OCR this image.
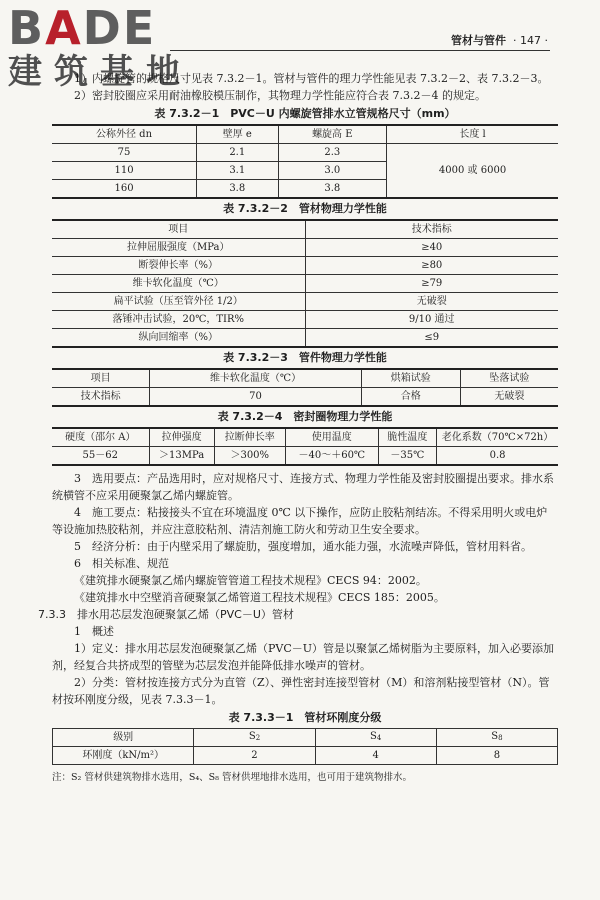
BADE
建筑基地
管材与管件 · 147 ·

1）内螺旋管的规格尺寸见表 7.3.2－1。管材与管件的理力学性能见表 7.3.2－2、表 7.3.2－3。

2）密封胶圈应采用耐油橡胶模压制作，其物理力学性能应符合表 7.3.2－4 的规定。

表 7.3.2－1　PVC－U 内螺旋管排水立管规格尺寸（mm）
公称外径 dn	壁厚 e	螺旋高 E	长度 l
75	2.1	2.3	4000 或 6000
110	3.1	3.0	
160	3.8	3.8	
表 7.3.2－2　管材物理力学性能
项目	技术指标
拉伸屈服强度（MPa）	≥40
断裂伸长率（%）	≥80
维卡软化温度（℃）	≥79
扁平试验（压至管外径 1/2）	无破裂
落锤冲击试验，20℃，TIR%	9/10 通过
纵向回缩率（%）	≤9
表 7.3.2－3　管件物理力学性能
项目	维卡软化温度（℃）	烘箱试验	坠落试验
技术指标	70	合格	无破裂
表 7.3.2－4　密封圈物理力学性能
硬度（邵尔 A）	拉伸强度	拉断伸长率	使用温度	脆性温度	老化系数（70℃×72h）
55－62	＞13MPa	＞300%	－40～＋60℃	－35℃	0.8

3　选用要点：产品选用时，应对规格尺寸、连接方式、物理力学性能及密封胶圈提出要求。排水系统横管不应采用硬聚氯乙烯内螺旋管。

4　施工要点：粘接接头不宜在环境温度 0℃ 以下操作，应防止胶粘剂结冻。不得采用明火或电炉等设施加热胶粘剂，并应注意胶粘剂、清洁剂施工防火和劳动卫生安全要求。

5　经济分析：由于内壁采用了螺旋肋，强度增加，通水能力强，水流噪声降低，管材用料省。

6　相关标准、规范

《建筑排水硬聚氯乙烯内螺旋管管道工程技术规程》CECS 94：2002。

《建筑排水中空壁消音硬聚氯乙烯管道工程技术规程》CECS 185：2005。

7.3.3　排水用芯层发泡硬聚氯乙烯（PVC－U）管材

1　概述

1）定义：排水用芯层发泡硬聚氯乙烯（PVC－U）管是以聚氯乙烯树脂为主要原料，加入必要添加剂，经复合共挤成型的管壁为芯层发泡并能降低排水噪声的管材。

2）分类：管材按连接方式分为直管（Z）、弹性密封连接型管材（M）和溶剂粘接型管材（N）。管材按环刚度分级，见表 7.3.3－1。

表 7.3.3－1　管材环刚度分级
级别	S2	S4	S8
环刚度（kN/m²）	2	4	8

注：S₂ 管材供建筑物排水选用，S₄、S₈ 管材供埋地排水选用，也可用于建筑物排水。
